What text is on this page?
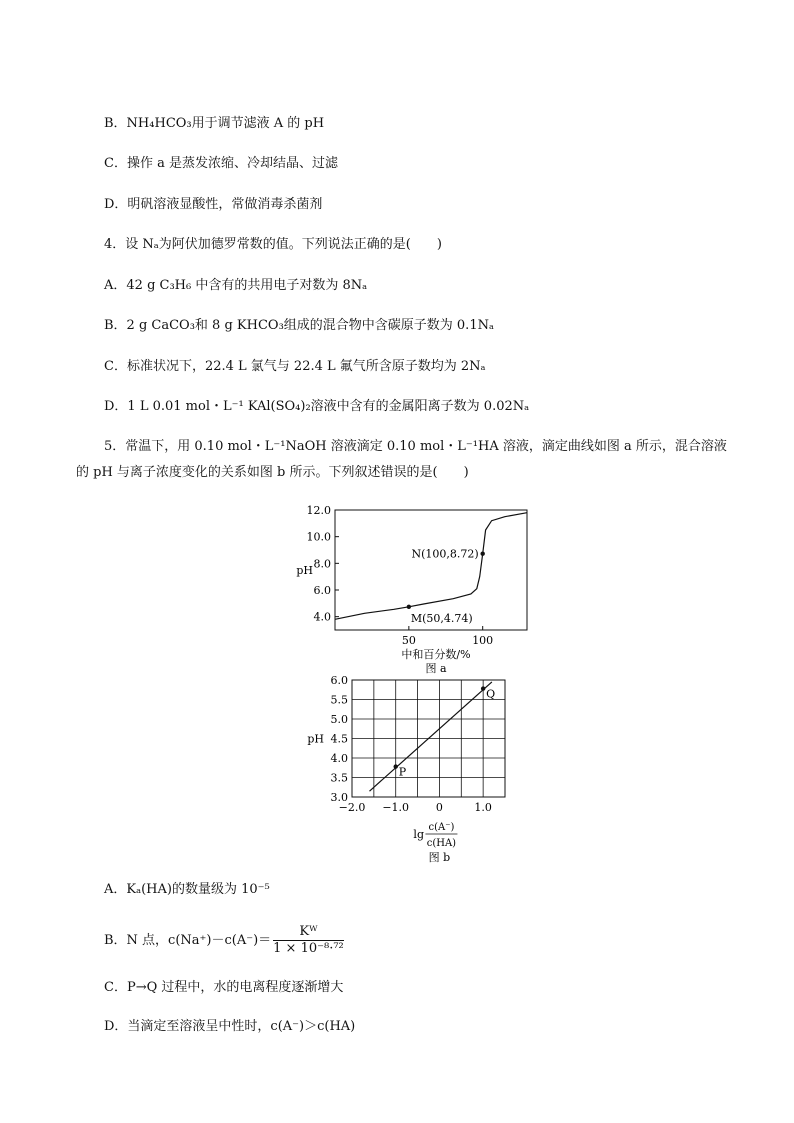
B．NH₄HCO₃用于调节滤液 A 的 pH
C．操作 a 是蒸发浓缩、冷却结晶、过滤
D．明矾溶液显酸性，常做消毒杀菌剂
4．设 Nₐ为阿伏加德罗常数的值。下列说法正确的是(　　)
A．42 g C₃H₆ 中含有的共用电子对数为 8Nₐ
B．2 g CaCO₃和 8 g KHCO₃组成的混合物中含碳原子数为 0.1Nₐ
C．标准状况下，22.4 L 氯气与 22.4 L 氟气所含原子数均为 2Nₐ
D．1 L 0.01 mol・L⁻¹ KAl(SO₄)₂溶液中含有的金属阳离子数为 0.02Nₐ
5．常温下，用 0.10 mol・L⁻¹NaOH 溶液滴定 0.10 mol・L⁻¹HA 溶液，滴定曲线如图 a 所示，混合溶液
的 pH 与离子浓度变化的关系如图 b 所示。下列叙述错误的是(　　)
4.0
6.0
8.0
10.0
12.0
50	100
pH
中和百分数/%
图 a
M(50,4.74)
N(100,8.72)
3.0
3.5
4.0
4.5
5.0
5.5
6.0
−2.0 −1.0 0	1.0
pH
lg
c(A⁻)
c(HA)
图 b
P
Q
A．Kₐ(HA)的数量级为 10⁻⁵
B．N 点，$c(Na^+)-c(A^-)= \frac{\text{Kᵂ}}{\text{1 × 10⁻⁸·⁷²}}$
C．P→Q 过程中，水的电离程度逐渐增大
D．当滴定至溶液呈中性时，c(A⁻)＞c(HA)
